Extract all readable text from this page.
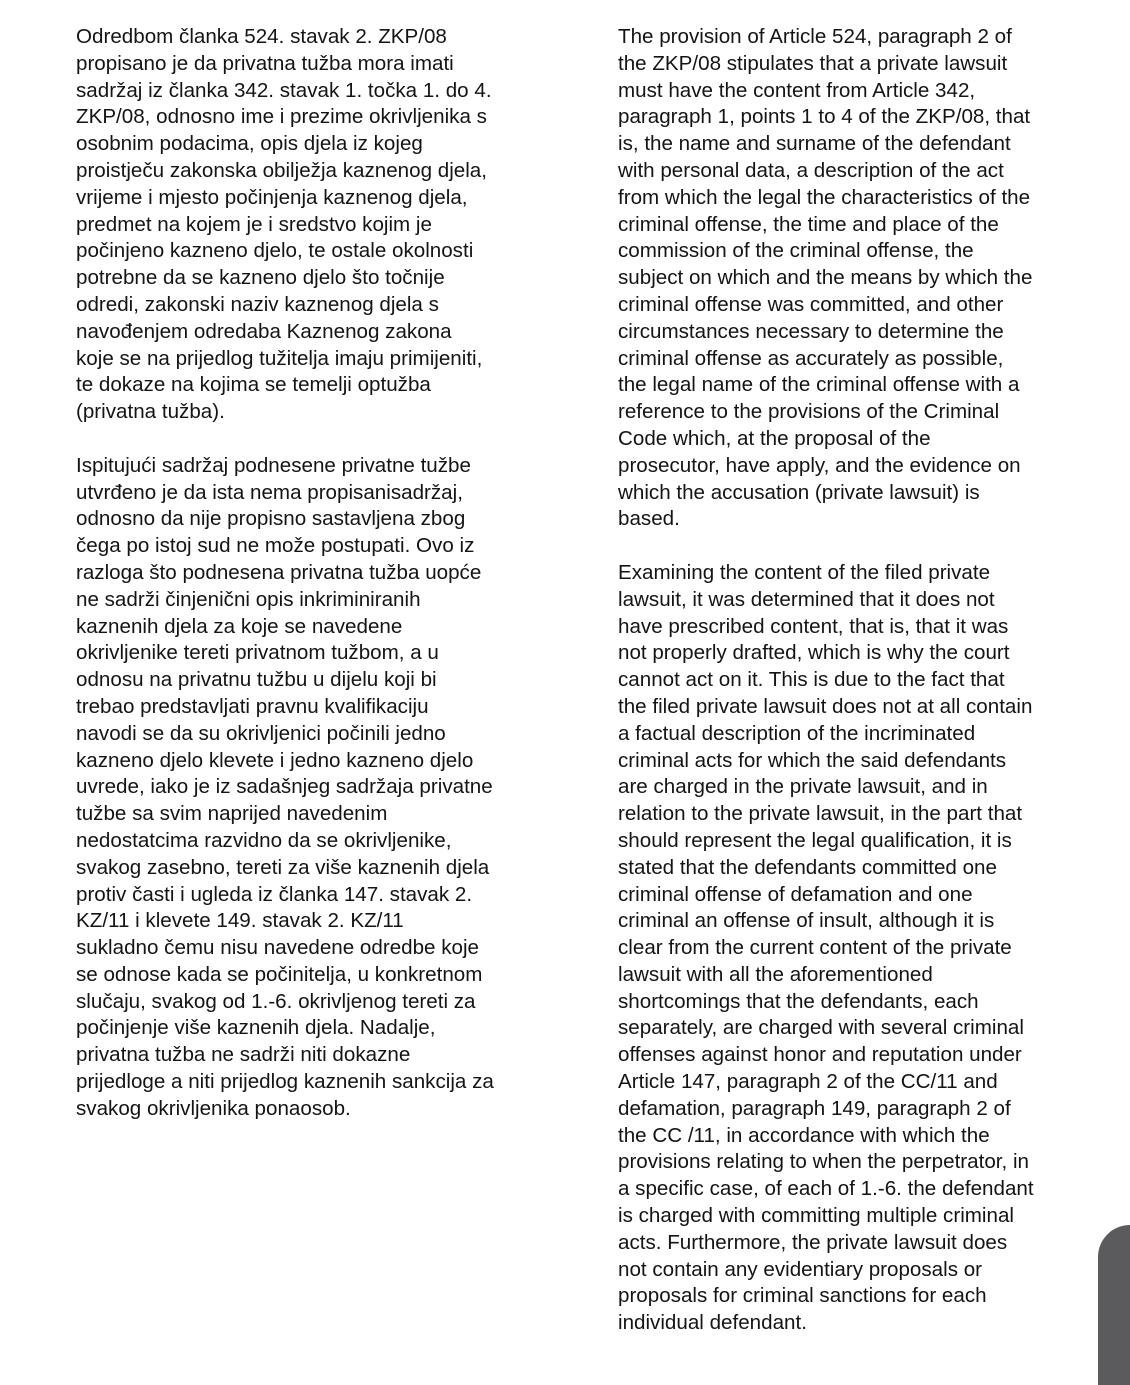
Odredbom članka 524. stavak 2. ZKP/08
propisano je da privatna tužba mora imati
sadržaj iz članka 342. stavak 1. točka 1. do 4.
ZKP/08, odnosno ime i prezime okrivljenika s
osobnim podacima, opis djela iz kojeg
proistječu zakonska obilježja kaznenog djela,
vrijeme i mjesto počinjenja kaznenog djela,
predmet na kojem je i sredstvo kojim je
počinjeno kazneno djelo, te ostale okolnosti
potrebne da se kazneno djelo što točnije
odredi, zakonski naziv kaznenog djela s
navođenjem odredaba Kaznenog zakona
koje se na prijedlog tužitelja imaju primijeniti,
te dokaze na kojima se temelji optužba
(privatna tužba).
Ispitujući sadržaj podnesene privatne tužbe
utvrđeno je da ista nema propisanisadržaj,
odnosno da nije propisno sastavljena zbog
čega po istoj sud ne može postupati. Ovo iz
razloga što podnesena privatna tužba uopće
ne sadrži činjenični opis inkriminiranih
kaznenih djela za koje se navedene
okrivljenike tereti privatnom tužbom, a u
odnosu na privatnu tužbu u dijelu koji bi
trebao predstavljati pravnu kvalifikaciju
navodi se da su okrivljenici počinili jedno
kazneno djelo klevete i jedno kazneno djelo
uvrede, iako je iz sadašnjeg sadržaja privatne
tužbe sa svim naprijed navedenim
nedostatcima razvidno da se okrivljenike,
svakog zasebno, tereti za više kaznenih djela
protiv časti i ugleda iz članka 147. stavak 2.
KZ/11 i klevete 149. stavak 2. KZ/11
sukladno čemu nisu navedene odredbe koje
se odnose kada se počinitelja, u konkretnom
slučaju, svakog od 1.-6. okrivljenog tereti za
počinjenje više kaznenih djela. Nadalje,
privatna tužba ne sadrži niti dokazne
prijedloge a niti prijedlog kaznenih sankcija za
svakog okrivljenika ponaosob.
The provision of Article 524, paragraph 2 of
the ZKP/08 stipulates that a private lawsuit
must have the content from Article 342,
paragraph 1, points 1 to 4 of the ZKP/08, that
is, the name and surname of the defendant
with personal data, a description of the act
from which the legal the characteristics of the
criminal offense, the time and place of the
commission of the criminal offense, the
subject on which and the means by which the
criminal offense was committed, and other
circumstances necessary to determine the
criminal offense as accurately as possible,
the legal name of the criminal offense with a
reference to the provisions of the Criminal
Code which, at the proposal of the
prosecutor, have apply, and the evidence on
which the accusation (private lawsuit) is
based.
Examining the content of the filed private
lawsuit, it was determined that it does not
have prescribed content, that is, that it was
not properly drafted, which is why the court
cannot act on it. This is due to the fact that
the filed private lawsuit does not at all contain
a factual description of the incriminated
criminal acts for which the said defendants
are charged in the private lawsuit, and in
relation to the private lawsuit, in the part that
should represent the legal qualification, it is
stated that the defendants committed one
criminal offense of defamation and one
criminal an offense of insult, although it is
clear from the current content of the private
lawsuit with all the aforementioned
shortcomings that the defendants, each
separately, are charged with several criminal
offenses against honor and reputation under
Article 147, paragraph 2 of the CC/11 and
defamation, paragraph 149, paragraph 2 of
the CC /11, in accordance with which the
provisions relating to when the perpetrator, in
a specific case, of each of 1.-6. the defendant
is charged with committing multiple criminal
acts. Furthermore, the private lawsuit does
not contain any evidentiary proposals or
proposals for criminal sanctions for each
individual defendant.
